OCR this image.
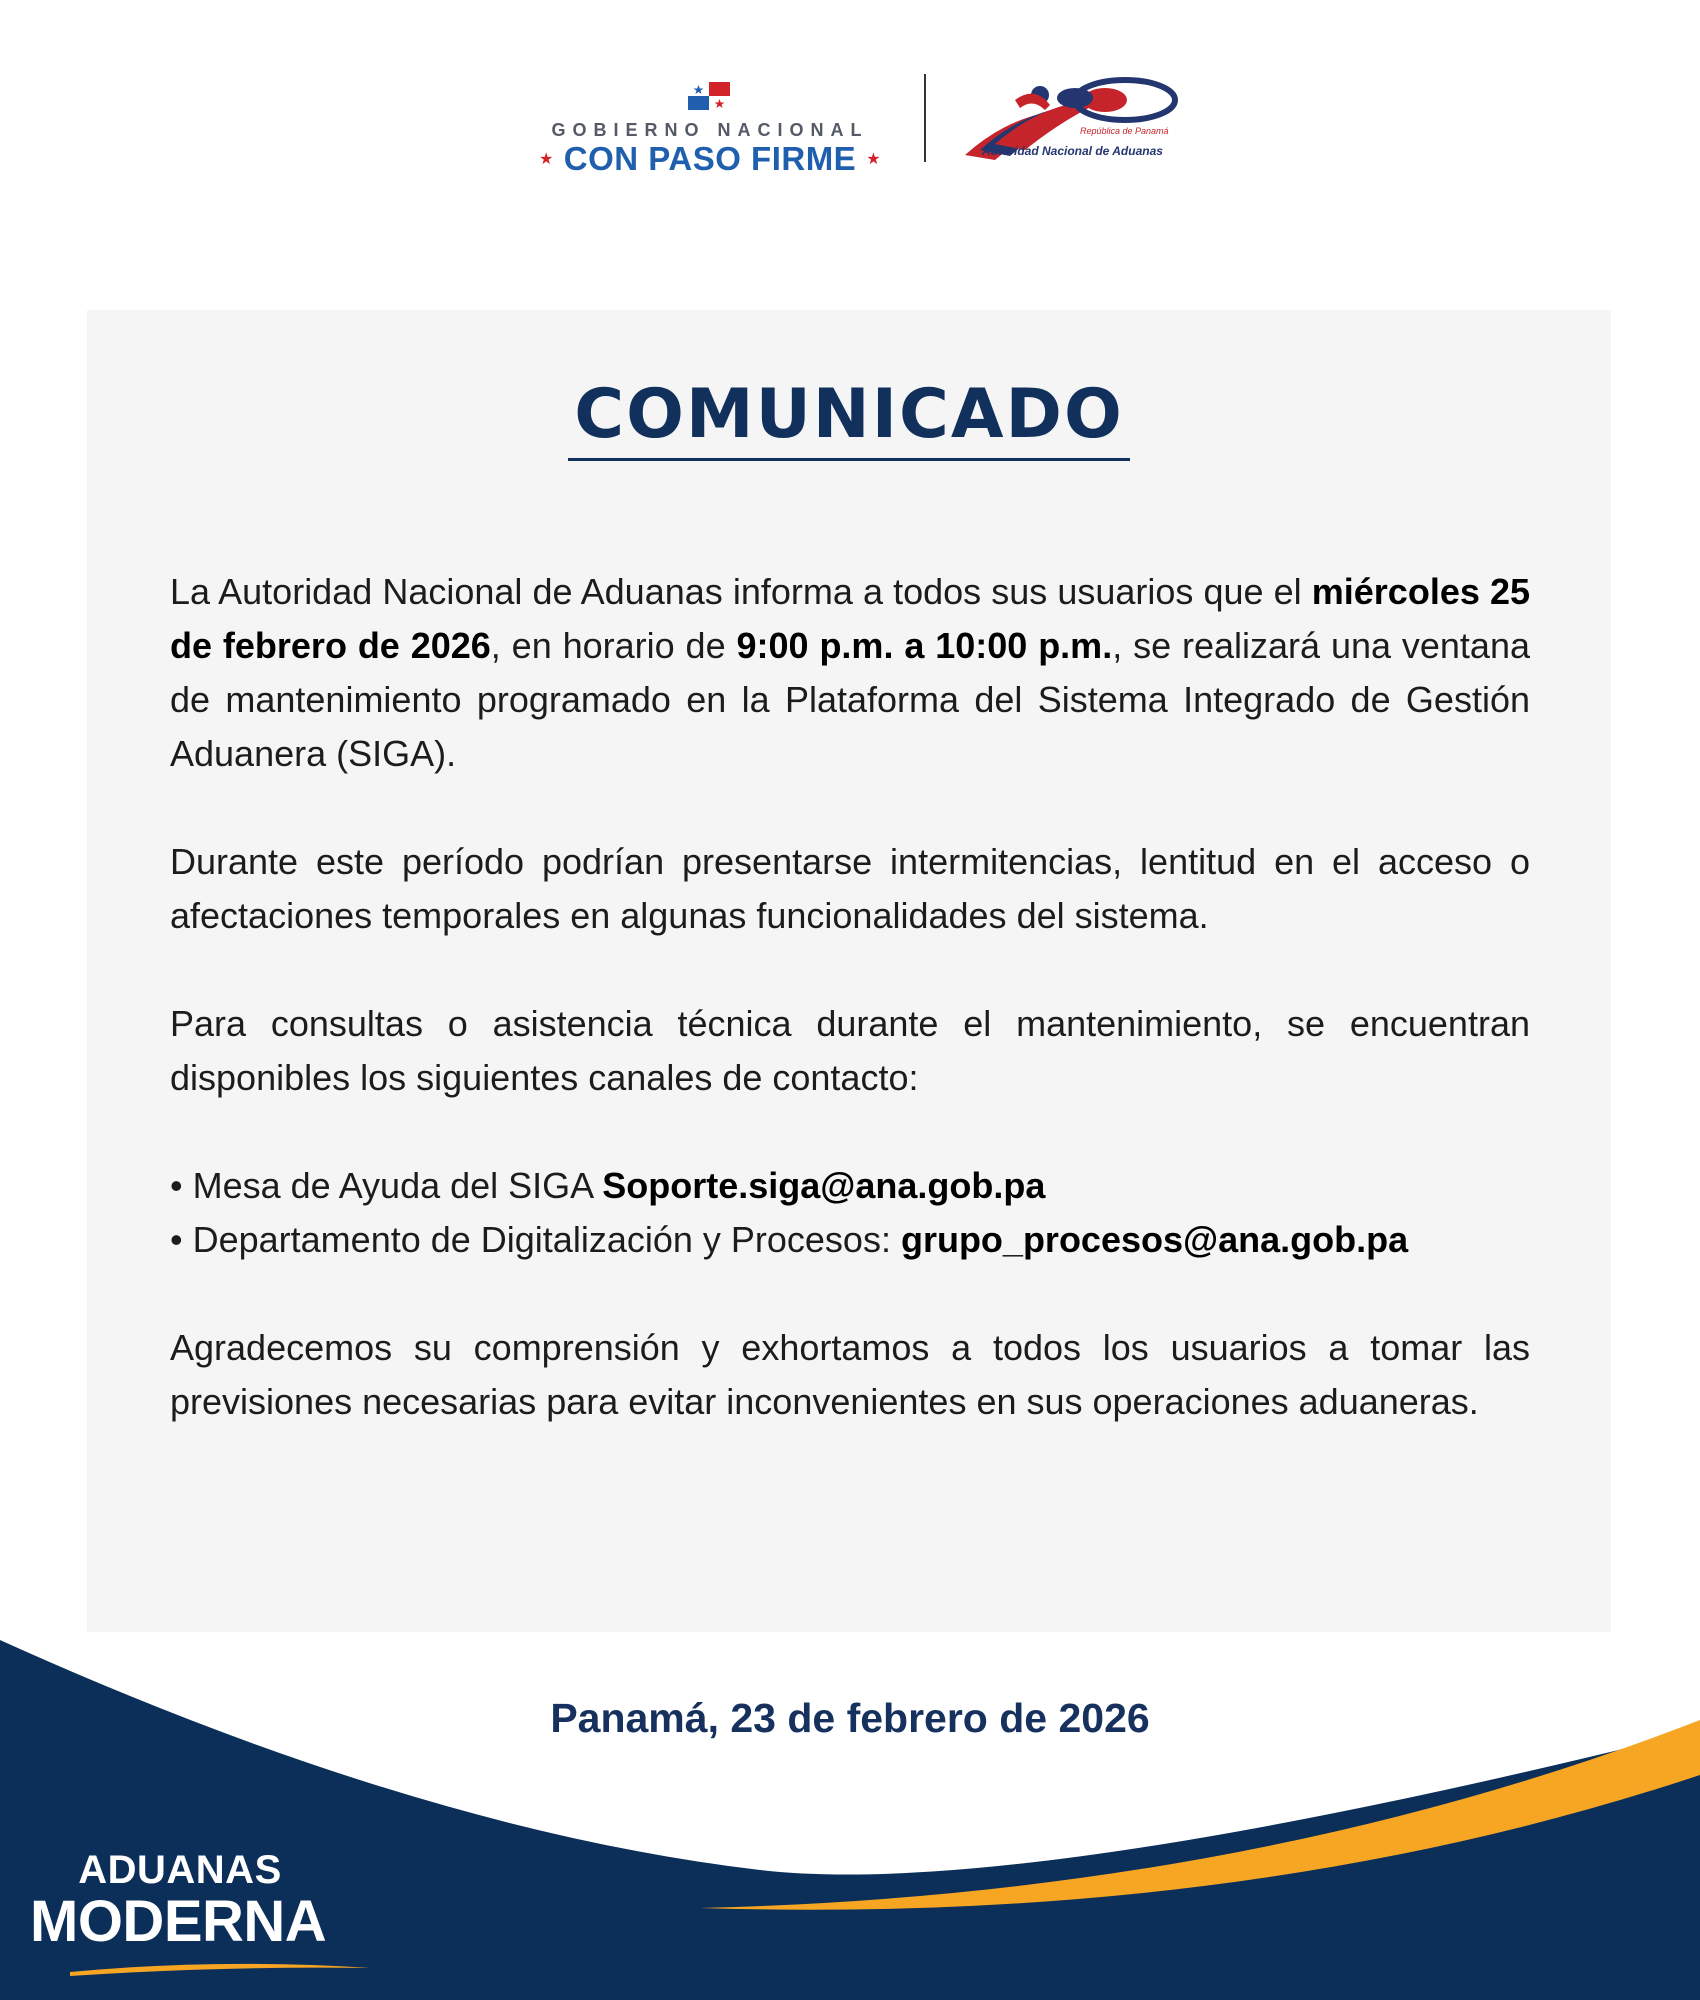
GOBIERNO NACIONAL
★ CON PASO FIRME ★
República de Panamá
Autoridad Nacional de Aduanas
COMUNICADO

La Autoridad Nacional de Aduanas informa a todos sus usuarios que el miércoles 25 de febrero de 2026, en horario de 9:00 p.m. a 10:00 p.m., se realizará una ventana de mantenimiento programado en la Plataforma del Sistema Integrado de Gestión Aduanera (SIGA).

Durante este período podrían presentarse intermitencias, lentitud en el acceso o afectaciones temporales en algunas funcionalidades del sistema.

Para consultas o asistencia técnica durante el mantenimiento, se encuentran disponibles los siguientes canales de contacto:

• Mesa de Ayuda del SIGA Soporte.siga@ana.gob.pa
• Departamento de Digitalización y Procesos: grupo_procesos@ana.gob.pa

Agradecemos su comprensión y exhortamos a todos los usuarios a tomar las previsiones necesarias para evitar inconvenientes en sus operaciones aduaneras.

Panamá, 23 de febrero de 2026
ADUANAS
MODERNA
